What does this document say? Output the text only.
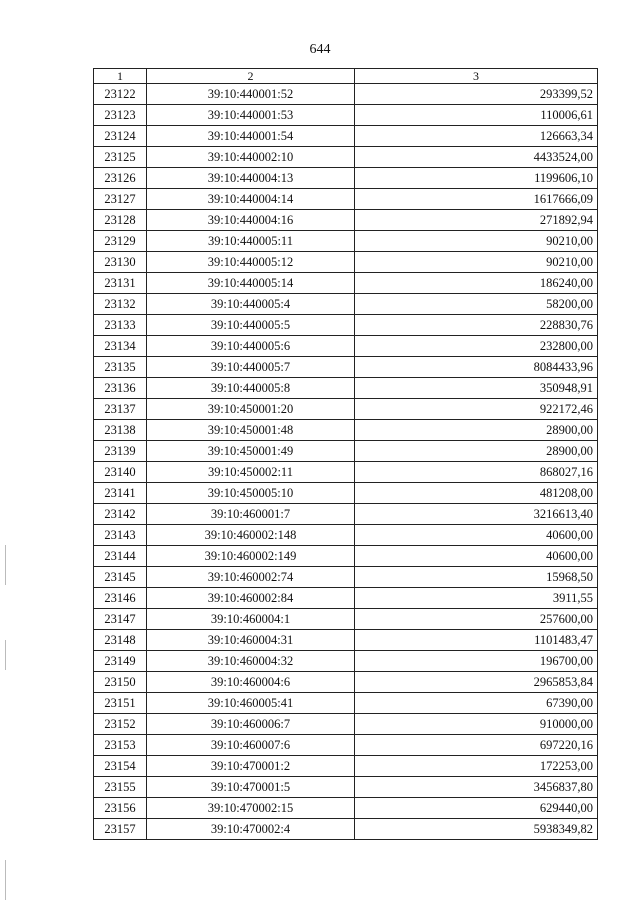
644
1	2	3
23122	39:10:440001:52	293399,52
23123	39:10:440001:53	110006,61
23124	39:10:440001:54	126663,34
23125	39:10:440002:10	4433524,00
23126	39:10:440004:13	1199606,10
23127	39:10:440004:14	1617666,09
23128	39:10:440004:16	271892,94
23129	39:10:440005:11	90210,00
23130	39:10:440005:12	90210,00
23131	39:10:440005:14	186240,00
23132	39:10:440005:4	58200,00
23133	39:10:440005:5	228830,76
23134	39:10:440005:6	232800,00
23135	39:10:440005:7	8084433,96
23136	39:10:440005:8	350948,91
23137	39:10:450001:20	922172,46
23138	39:10:450001:48	28900,00
23139	39:10:450001:49	28900,00
23140	39:10:450002:11	868027,16
23141	39:10:450005:10	481208,00
23142	39:10:460001:7	3216613,40
23143	39:10:460002:148	40600,00
23144	39:10:460002:149	40600,00
23145	39:10:460002:74	15968,50
23146	39:10:460002:84	3911,55
23147	39:10:460004:1	257600,00
23148	39:10:460004:31	1101483,47
23149	39:10:460004:32	196700,00
23150	39:10:460004:6	2965853,84
23151	39:10:460005:41	67390,00
23152	39:10:460006:7	910000,00
23153	39:10:460007:6	697220,16
23154	39:10:470001:2	172253,00
23155	39:10:470001:5	3456837,80
23156	39:10:470002:15	629440,00
23157	39:10:470002:4	5938349,82
